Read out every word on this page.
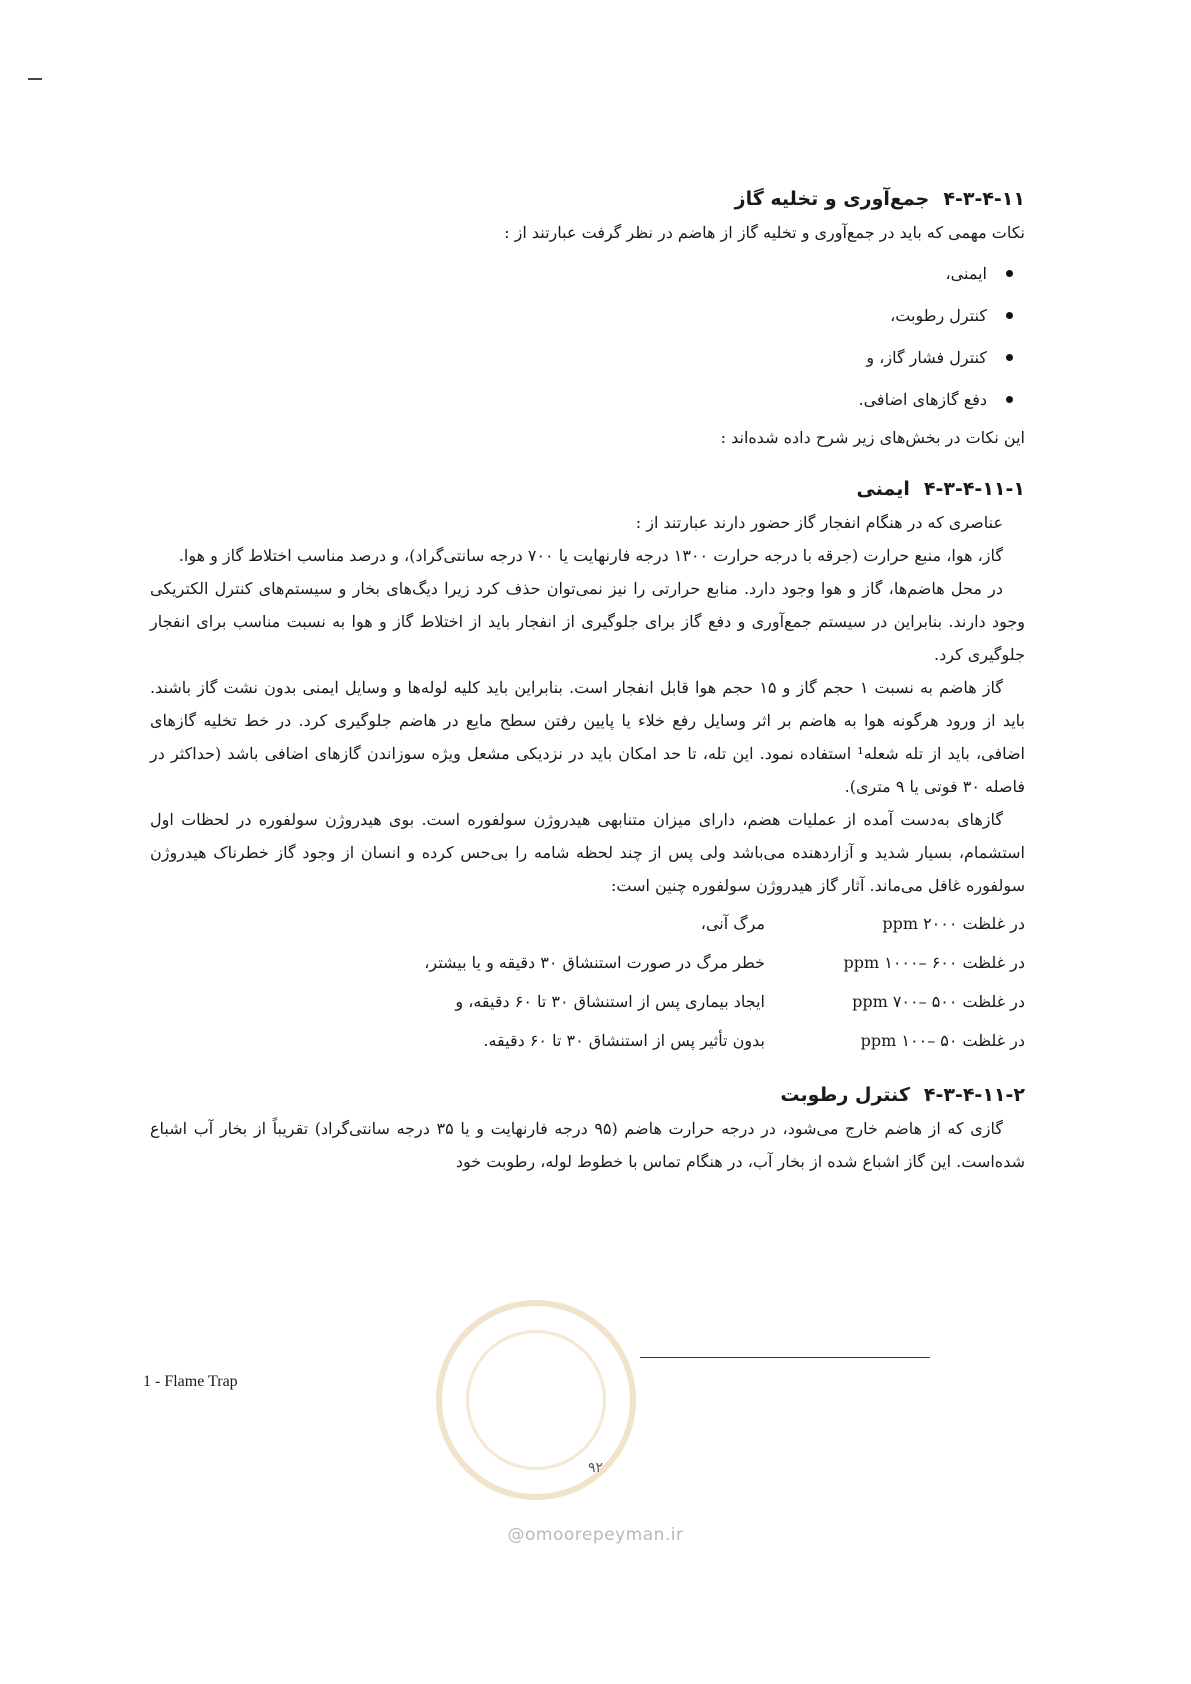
۴-۳-۴-۱۱جمع‌آوری و تخلیه گاز

نکات مهمی که باید در جمع‌آوری و تخلیه گاز از هاضم در نظر گرفت عبارتند از :

ایمنی،
کنترل رطوبت،
کنترل فشار گاز، و
دفع گازهای اضافی.

این نکات در بخش‌های زیر شرح داده شده‌اند :

۴-۳-۴-۱۱-۱ایمنی

عناصری که در هنگام انفجار گاز حضور دارند عبارتند از :

گاز، هوا، منبع حرارت (جرقه با درجه حرارت ۱۳۰۰ درجه فارنهایت یا ۷۰۰ درجه سانتی‌گراد)، و درصد مناسب اختلاط گاز و هوا.

در محل هاضم‌ها، گاز و هوا وجود دارد. منابع حرارتی را نیز نمی‌توان حذف کرد زیرا دیگ‌های بخار و سیستم‌های کنترل الکتریکی وجود دارند. بنابراین در سیستم جمع‌آوری و دفع گاز برای جلوگیری از انفجار باید از اختلاط گاز و هوا به نسبت مناسب برای انفجار جلوگیری کرد.

گاز هاضم به نسبت ۱ حجم گاز و ۱۵ حجم هوا قابل انفجار است. بنابراین باید کلیه لوله‌ها و وسایل ایمنی بدون نشت گاز باشند. باید از ورود هرگونه هوا به هاضم بر اثر وسایل رفع خلاء یا پایین رفتن سطح مایع در هاضم جلوگیری کرد. در خط تخلیه گازهای اضافی، باید از تله شعله¹ استفاده نمود. این تله، تا حد امکان باید در نزدیکی مشعل ویژه سوزاندن گازهای اضافی باشد (حداکثر در فاصله ۳۰ فوتی یا ۹ متری).

گازهای به‌دست آمده از عملیات هضم، دارای میزان متنابهی هیدروژن سولفوره است. بوی هیدروژن سولفوره در لحظات اول استشمام، بسیار شدید و آزاردهنده می‌باشد ولی پس از چند لحظه شامه را بی‌حس کرده و انسان از وجود گاز خطرناک هیدروژن سولفوره غافل می‌ماند. آثار گاز هیدروژن سولفوره چنین است:

در غلظت ppm ۲۰۰۰
مرگ آنی،
در غلظت ppm ۱۰۰۰– ۶۰۰
خطر مرگ در صورت استنشاق ۳۰ دقیقه و یا بیشتر،
در غلظت ppm ۷۰۰– ۵۰۰
ایجاد بیماری پس از استنشاق ۳۰ تا ۶۰ دقیقه، و
در غلظت ppm ۱۰۰– ۵۰
بدون تأثیر پس از استنشاق ۳۰ تا ۶۰ دقیقه.
۴-۳-۴-۱۱-۲کنترل رطوبت

گازی که از هاضم خارج می‌شود، در درجه حرارت هاضم (۹۵ درجه فارنهایت و یا ۳۵ درجه سانتی‌گراد) تقریباً از بخار آب اشباع شده‌است. این گاز اشباع شده از بخار آب، در هنگام تماس با خطوط لوله، رطوبت خود

1 - Flame Trap
۹۲
@omoorepeyman.ir
